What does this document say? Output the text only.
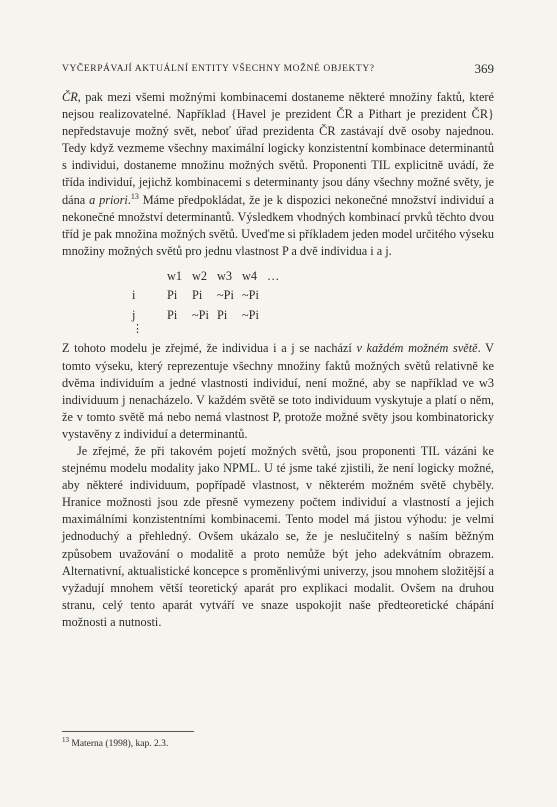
VYČERPÁVAJÍ AKTUÁLNÍ ENTITY VŠECHNY MOŽNÉ OBJEKTY?	369

ČR, pak mezi všemi možnými kombinacemi dostaneme některé množiny faktů, které nejsou realizovatelné. Například {Havel je prezident ČR a Pithart je prezident ČR} nepředstavuje možný svět, neboť úřad prezidenta ČR zastávají dvě osoby najednou. Tedy když vezmeme všechny maximální logicky konzistentní kombinace determinantů s individui, dostaneme množinu možných světů. Proponenti TIL explicitně uvádí, že třída individuí, jejichž kombinacemi s determinanty jsou dány všechny možné světy, je dána a priori.$^{13}$ Máme předpokládat, že je k dispozici nekonečné množství individuí a nekonečné množství determinantů. Výsledkem vhodných kombinací prvků těchto dvou tříd je pak množina možných světů. Uveďme si příkladem jeden model určitého výseku množiny možných světů pro jednu vlastnost P a dvě individua i a j.

w1 w2 w3 w4 …
i	Pi	Pi	~Pi ~Pi
j	Pi	~Pi Pi	~Pi
⋮

Z tohoto modelu je zřejmé, že individua i a j se nachází v každém možném světě. V tomto výseku, který reprezentuje všechny množiny faktů možných světů relativně ke dvěma individuím a jedné vlastnosti individuí, není možné, aby se například ve w3 individuum j nenacházelo. V každém světě se toto individuum vyskytuje a platí o něm, že v tomto světě má nebo nemá vlastnost P, protože možné světy jsou kombinatoricky vystavěny z individuí a determinantů.

Je zřejmé, že při takovém pojetí možných světů, jsou proponenti TIL vázáni ke stejnému modelu modality jako NPML. U té jsme také zjistili, že není logicky možné, aby některé individuum, popřípadě vlastnost, v některém možném světě chyběly. Hranice možnosti jsou zde přesně vymezeny počtem individuí a vlastností a jejich maximálními konzistentními kombinacemi. Tento model má jistou výhodu: je velmi jednoduchý a přehledný. Ovšem ukázalo se, že je neslučitelný s naším běžným způsobem uvažování o modalitě a proto nemůže být jeho adekvátním obrazem. Alternativní, aktualistické koncepce s proměnlivými univerzy, jsou mnohem složitější a vyžadují mnohem větší teoretický aparát pro explikaci modalit. Ovšem na druhou stranu, celý tento aparát vytváří ve snaze uspokojit naše předteoretické chápání možnosti a nutnosti.

$^{13}$ Materna (1998), kap. 2.3.
